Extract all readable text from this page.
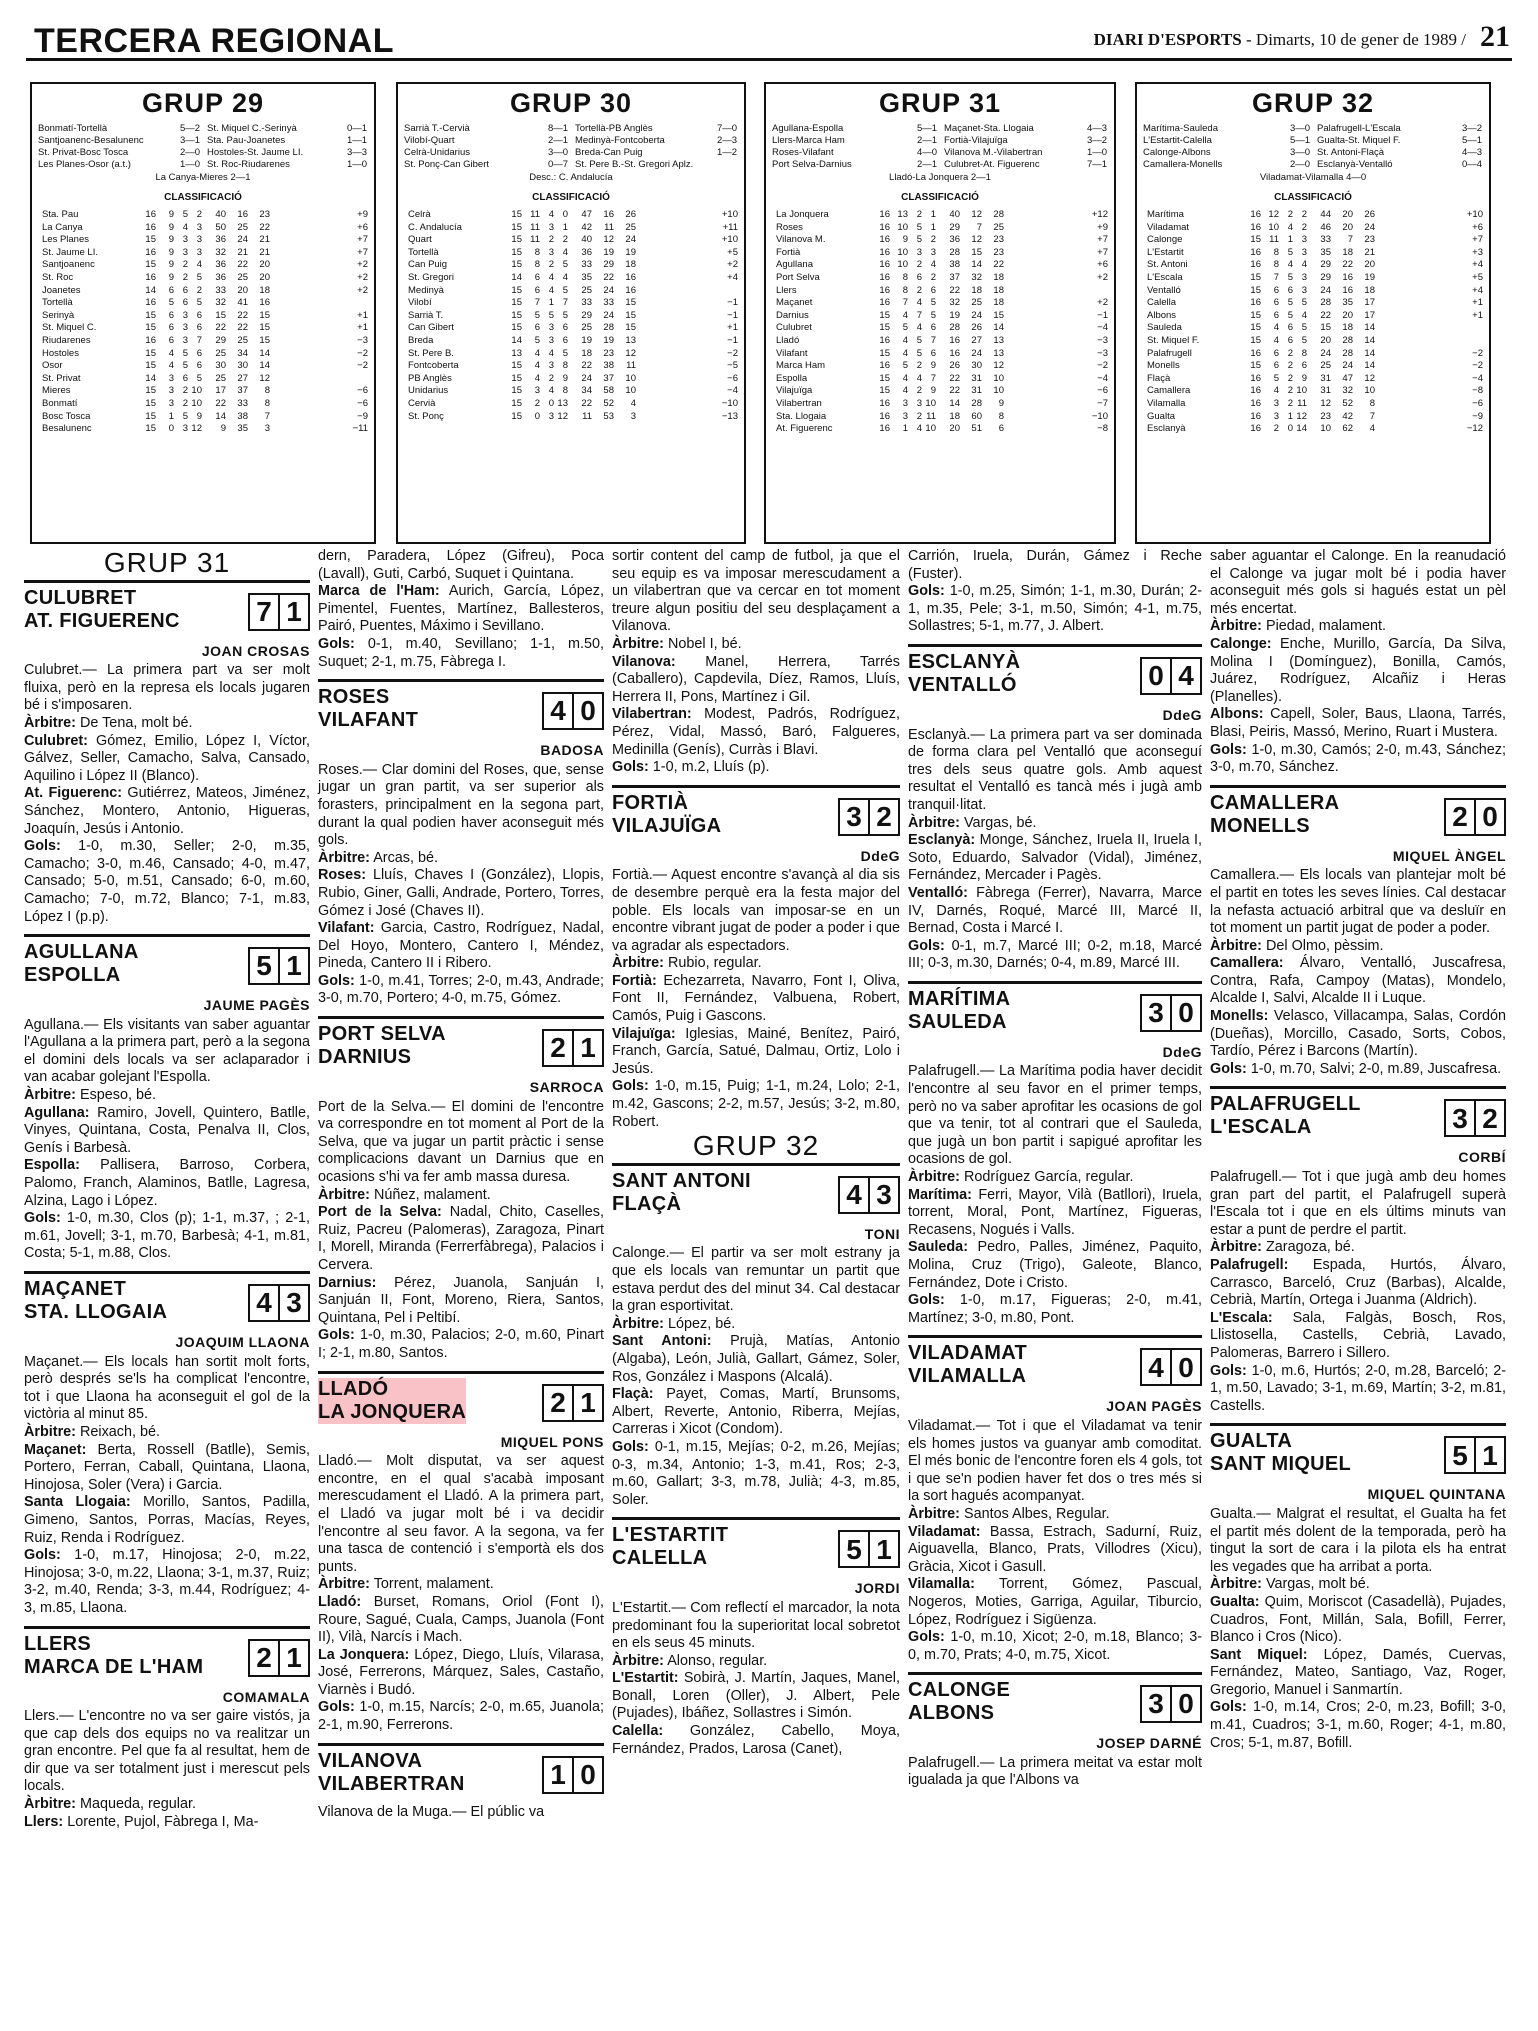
TERCERA REGIONAL	DIARI D'ESPORTS - Dimarts, 10 de gener de 1989 / 21
GRUP 29
Bonmatí-Tortellà	5—2 St. Miquel C.-Serinyà	0—1
Santjoanenc-Besalunenc	3—1 Sta. Pau-Joanetes	1—1
St. Privat-Bosc Tosca	2—0 Hostoles-St. Jaume LI.	3—3
Les Planes-Osor (a.t.)	1—0 St. Roc-Riudarenes	1—0
La Canya-Mieres 2—1
CLASSIFICACIÓ
Sta. Pau	16	9 5 2	40	16	23	+9
La Canya	16	9 4 3	50	25	22	+6
Les Planes	15	9 3 3	36	24	21	+7
St. Jaume LI.	16	9 3 3	32	21	21	+7
Santjoanenc	15	9 2 4	36	22	20	+2
St. Roc	16	9 2 5	36	25	20	+2
Joanetes	14	6 6 2	33	20	18	+2
Tortellà	16	5 6 5	32	41	16
Serinyà	15	6 3 6	15	22	15	+1
St. Miquel C.	15	6 3 6	22	22	15	+1
Riudarenes	16	6 3 7	29	25	15	−3
Hostoles	15	4 5 6	25	34	14	−2
Osor	15	4 5 6	30	30	14	−2
St. Privat	14	3 6 5	25	27	12
Mieres	15	3 2 10	17	37	8	−6
Bonmatí	15	3 2 10	22	33	8	−6
Bosc Tosca	15	1 5 9	14	38	7	−9
Besalunenc	15	0 3 12	9	35	3	−11
GRUP 30
Sarrià T.-Cervià	8—1 Tortellà-PB Anglès	7—0
Vilobí-Quart	2—1 Medinyà-Fontcoberta	2—3
Celrà-Unidarius	3—0 Breda-Can Puig	1—2
St. Ponç-Can Gibert	0—7 St. Pere B.-St. Gregori Aplz.
Desc.: C. Andalucía
CLASSIFICACIÓ
Celrà	15 11 4 0	47	16	26	+10
C. Andalucía	15 11 3 1	42	11	25	+11
Quart	15 11 2 2	40	12	24	+10
Tortellà	15	8 3 4	36	19	19	+5
Can Puig	15	8 2 5	33	29	18	+2
St. Gregori	14	6 4 4	35	22	16	+4
Medinyà	15	6 4 5	25	24	16
Vilobí	15	7 1 7	33	33	15	−1
Sarrià T.	15	5 5 5	29	24	15	−1
Can Gibert	15	6 3 6	25	28	15	+1
Breda	14	5 3 6	19	19	13	−1
St. Pere B.	13	4 4 5	18	23	12	−2
Fontcoberta	15	4 3 8	22	38	11	−5
PB Anglès	15	4 2 9	24	37	10	−6
Unidarius	15	3 4 8	34	58	10	−4
Cervià	15	2 0 13	22	52	4	−10
St. Ponç	15	0 3 12	11	53	3	−13
GRUP 31
Agullana-Espolla	5—1 Maçanet-Sta. Llogaia	4—3
Llers-Marca Ham	2—1 Fortià-Vilajuïga	3—2
Roses-Vilafant	4—0 Vilanova M.-Vilabertran	1—0
Port Selva-Darnius	2—1 Culubret-At. Figuerenc	7—1
Lladó-La Jonquera 2—1
CLASSIFICACIÓ
La Jonquera	16 13 2 1	40	12	28	+12
Roses	16 10 5 1	29	7	25	+9
Vilanova M.	16	9 5 2	36	12	23	+7
Fortià	16 10 3 3	28	15	23	+7
Agullana	16 10 2 4	38	14	22	+6
Port Selva	16	8 6 2	37	32	18	+2
Llers	16	8 2 6	22	18	18
Maçanet	16	7 4 5	32	25	18	+2
Darnius	15	4 7 5	19	24	15	−1
Culubret	15	5 4 6	28	26	14	−4
Lladó	16	4 5 7	16	27	13	−3
Vilafant	15	4 5 6	16	24	13	−3
Marca Ham	16	5 2 9	26	30	12	−2
Espolla	15	4 4 7	22	31	10	−4
Vilajuïga	15	4 2 9	22	31	10	−6
Vilabertran	16	3 3 10	14	28	9	−7
Sta. Llogaia	16	3 2 11	18	60	8	−10
At. Figuerenc	16	1 4 10	20	51	6	−8
GRUP 32
Marítima-Sauleda	3—0 Palafrugell-L'Escala	3—2
L'Estartit-Calella	5—1 Gualta-St. Miquel F.	5—1
Calonge-Albons	3—0 St. Antoni-Flaçà	4—3
Camallera-Monells	2—0 Esclanyà-Ventalló	0—4
Viladamat-Vilamalla 4—0
CLASSIFICACIÓ
Marítima	16 12 2 2	44	20	26	+10
Viladamat	16 10 4 2	46	20	24	+6
Calonge	15 11 1 3	33	7	23	+7
L'Estartit	16	8 5 3	35	18	21	+3
St. Antoni	16	8 4 4	29	22	20	+4
L'Escala	15	7 5 3	29	16	19	+5
Ventalló	15	6 6 3	24	16	18	+4
Calella	16	6 5 5	28	35	17	+1
Albons	15	6 5 4	22	20	17	+1
Sauleda	15	4 6 5	15	18	14
St. Miquel F.	15	4 6 5	20	28	14
Palafrugell	16	6 2 8	24	28	14	−2
Monells	15	6 2 6	25	24	14	−2
Flaçà	16	5 2 9	31	47	12	−4
Camallera	16	4 2 10	31	32	10	−8
Vilamalla	16	3 2 11	12	52	8	−6
Gualta	16	3 1 12	23	42	7	−9
Esclanyà	16	2 0 14	10	62	4	−12
GRUP 31
CULUBRET
AT. FIGUERENC	7 1
JOAN CROSAS

Culubret.— La primera part va ser molt fluixa, però en la represa els locals jugaren bé i s'imposaren.

Àrbitre: De Tena, molt bé.

Culubret: Gómez, Emilio, López I, Víctor, Gálvez, Seller, Camacho, Salva, Cansado, Aquilino i López II (Blanco).

At. Figuerenc: Gutiérrez, Mateos, Jiménez, Sánchez, Montero, Antonio, Higueras, Joaquín, Jesús i Antonio.

Gols: 1-0, m.30, Seller; 2-0, m.35, Camacho; 3-0, m.46, Cansado; 4-0, m.47, Cansado; 5-0, m.51, Cansado; 6-0, m.60, Camacho; 7-0, m.72, Blanco; 7-1, m.83, López I (p.p).

AGULLANA
ESPOLLA	5 1
JAUME PAGÈS

Agullana.— Els visitants van saber aguantar l'Agullana a la primera part, però a la segona el domini dels locals va ser aclaparador i van acabar golejant l'Espolla.

Àrbitre: Espeso, bé.

Agullana: Ramiro, Jovell, Quintero, Batlle, Vinyes, Quintana, Costa, Penalva II, Clos, Genís i Barbesà.

Espolla: Pallisera, Barroso, Corbera, Palomo, Franch, Alaminos, Batlle, Lagresa, Alzina, Lago i López.

Gols: 1-0, m.30, Clos (p); 1-1, m.37, ; 2-1, m.61, Jovell; 3-1, m.70, Barbesà; 4-1, m.81, Costa; 5-1, m.88, Clos.

MAÇANET
STA. LLOGAIA	4 3
JOAQUIM LLAONA

Maçanet.— Els locals han sortit molt forts, però després se'ls ha complicat l'encontre, tot i que Llaona ha aconseguit el gol de la victòria al minut 85.

Àrbitre: Reixach, bé.

Maçanet: Berta, Rossell (Batlle), Semis, Portero, Ferran, Caball, Quintana, Llaona, Hinojosa, Soler (Vera) i Garcia.

Santa Llogaia: Morillo, Santos, Padilla, Gimeno, Santos, Porras, Macías, Reyes, Ruiz, Renda i Rodríguez.

Gols: 1-0, m.17, Hinojosa; 2-0, m.22, Hinojosa; 3-0, m.22, Llaona; 3-1, m.37, Ruiz; 3-2, m.40, Renda; 3-3, m.44, Rodríguez; 4-3, m.85, Llaona.

LLERS
MARCA DE L'HAM 2 1
COMAMALA

Llers.— L'encontre no va ser gaire vistós, ja que cap dels dos equips no va realitzar un gran encontre. Pel que fa al resultat, hem de dir que va ser totalment just i merescut pels locals.

Àrbitre: Maqueda, regular.

Llers: Lorente, Pujol, Fàbrega I, Ma-

dern, Paradera, López (Gifreu), Poca (Lavall), Guti, Carbó, Suquet i Quintana.

Marca de l'Ham: Aurich, García, López, Pimentel, Fuentes, Martínez, Ballesteros, Pairó, Puentes, Máximo i Sevillano.

Gols: 0-1, m.40, Sevillano; 1-1, m.50, Suquet; 2-1, m.75, Fàbrega I.

ROSES
VILAFANT	4 0
BADOSA

Roses.— Clar domini del Roses, que, sense jugar un gran partit, va ser superior als forasters, principalment en la segona part, durant la qual podien haver aconseguit més gols.

Àrbitre: Arcas, bé.

Roses: Lluís, Chaves I (González), Llopis, Rubio, Giner, Galli, Andrade, Portero, Torres, Gómez i José (Chaves II).

Vilafant: Garcia, Castro, Rodríguez, Nadal, Del Hoyo, Montero, Cantero I, Méndez, Pineda, Cantero II i Ribero.

Gols: 1-0, m.41, Torres; 2-0, m.43, Andrade; 3-0, m.70, Portero; 4-0, m.75, Gómez.

PORT SELVA
DARNIUS	2 1
SARROCA

Port de la Selva.— El domini de l'encontre va correspondre en tot moment al Port de la Selva, que va jugar un partit pràctic i sense complicacions davant un Darnius que en ocasions s'hi va fer amb massa duresa.

Àrbitre: Núñez, malament.

Port de la Selva: Nadal, Chito, Caselles, Ruiz, Pacreu (Palomeras), Zaragoza, Pinart I, Morell, Miranda (Ferrerfàbrega), Palacios i Cervera.

Darnius: Pérez, Juanola, Sanjuán I, Sanjuán II, Font, Moreno, Riera, Santos, Quintana, Pel i Peltibí.

Gols: 1-0, m.30, Palacios; 2-0, m.60, Pinart I; 2-1, m.80, Santos.

LLADÓ
LA JONQUERA	2 1
MIQUEL PONS

Lladó.— Molt disputat, va ser aquest encontre, en el qual s'acabà imposant merescudament el Lladó. A la primera part, el Lladó va jugar molt bé i va decidir l'encontre al seu favor. A la segona, va fer una tasca de contenció i s'emportà els dos punts.

Àrbitre: Torrent, malament.

Lladó: Burset, Romans, Oriol (Font I), Roure, Sagué, Cuala, Camps, Juanola (Font II), Vilà, Narcís i Mach.

La Jonquera: López, Diego, Lluís, Vilarasa, José, Ferrerons, Márquez, Sales, Castaño, Viarnès i Budó.

Gols: 1-0, m.15, Narcís; 2-0, m.65, Juanola; 2-1, m.90, Ferrerons.

VILANOVA
VILABERTRAN	1 0

Vilanova de la Muga.— El públic va

sortir content del camp de futbol, ja que el seu equip es va imposar merescudament a un vilabertran que va cercar en tot moment treure algun positiu del seu desplaçament a Vilanova.

Àrbitre: Nobel I, bé.

Vilanova: Manel, Herrera, Tarrés (Caballero), Capdevila, Díez, Ramos, Lluís, Herrera II, Pons, Martínez i Gil.

Vilabertran: Modest, Padrós, Rodríguez, Pérez, Vidal, Massó, Baró, Falgueres, Medinilla (Genís), Curràs i Blavi.

Gols: 1-0, m.2, Lluís (p).

FORTIÀ
VILAJUÏGA	3 2
DdeG

Fortià.— Aquest encontre s'avançà al dia sis de desembre perquè era la festa major del poble. Els locals van imposar-se en un encontre vibrant jugat de poder a poder i que va agradar als espectadors.

Àrbitre: Rubio, regular.

Fortià: Echezarreta, Navarro, Font I, Oliva, Font II, Fernández, Valbuena, Robert, Camós, Puig i Gascons.

Vilajuïga: Iglesias, Mainé, Benítez, Pairó, Franch, García, Satué, Dalmau, Ortiz, Lolo i Jesús.

Gols: 1-0, m.15, Puig; 1-1, m.24, Lolo; 2-1, m.42, Gascons; 2-2, m.57, Jesús; 3-2, m.80, Robert.

GRUP 32
SANT ANTONI
FLAÇÀ	4 3
TONI

Calonge.— El partir va ser molt estrany ja que els locals van remuntar un partit que estava perdut des del minut 34. Cal destacar la gran esportivitat.

Àrbitre: López, bé.

Sant Antoni: Prujà, Matías, Antonio (Algaba), León, Julià, Gallart, Gámez, Soler, Ros, González i Maspons (Alcalá).

Flaçà: Payet, Comas, Martí, Brunsoms, Albert, Reverte, Antonio, Riberra, Mejías, Carreras i Xicot (Condom).

Gols: 0-1, m.15, Mejías; 0-2, m.26, Mejías; 0-3, m.34, Antonio; 1-3, m.41, Ros; 2-3, m.60, Gallart; 3-3, m.78, Julià; 4-3, m.85, Soler.

L'ESTARTIT
CALELLA	5 1
JORDI

L'Estartit.— Com reflectí el marcador, la nota predominant fou la superioritat local sobretot en els seus 45 minuts.

Àrbitre: Alonso, regular.

L'Estartit: Sobirà, J. Martín, Jaques, Manel, Bonall, Loren (Oller), J. Albert, Pele (Pujades), Ibáñez, Sollastres i Simón.

Calella: González, Cabello, Moya, Fernández, Prados, Larosa (Canet),

Carrión, Iruela, Durán, Gámez i Reche (Fuster).

Gols: 1-0, m.25, Simón; 1-1, m.30, Durán; 2-1, m.35, Pele; 3-1, m.50, Simón; 4-1, m.75, Sollastres; 5-1, m.77, J. Albert.

ESCLANYÀ
VENTALLÓ	0 4
DdeG

Esclanyà.— La primera part va ser dominada de forma clara pel Ventalló que aconseguí tres dels seus quatre gols. Amb aquest resultat el Ventalló es tancà més i jugà amb tranquil·litat.

Àrbitre: Vargas, bé.

Esclanyà: Monge, Sánchez, Iruela II, Iruela I, Soto, Eduardo, Salvador (Vidal), Jiménez, Fernández, Mercader i Pagès.

Ventalló: Fàbrega (Ferrer), Navarra, Marce IV, Darnés, Roqué, Marcé III, Marcé II, Bernad, Costa i Marcé I.

Gols: 0-1, m.7, Marcé III; 0-2, m.18, Marcé III; 0-3, m.30, Darnés; 0-4, m.89, Marcé III.

MARÍTIMA
SAULEDA	3 0
DdeG

Palafrugell.— La Marítima podia haver decidit l'encontre al seu favor en el primer temps, però no va saber aprofitar les ocasions de gol que va tenir, tot al contrari que el Sauleda, que jugà un bon partit i sapigué aprofitar les ocasions de gol.

Àrbitre: Rodríguez García, regular.

Marítima: Ferri, Mayor, Vilà (Batllori), Iruela, torrent, Moral, Pont, Martínez, Figueras, Recasens, Nogués i Valls.

Sauleda: Pedro, Palles, Jiménez, Paquito, Molina, Cruz (Trigo), Galeote, Blanco, Fernández, Dote i Cristo.

Gols: 1-0, m.17, Figueras; 2-0, m.41, Martínez; 3-0, m.80, Pont.

VILADAMAT
VILAMALLA	4 0
JOAN PAGÈS

Viladamat.— Tot i que el Viladamat va tenir els homes justos va guanyar amb comoditat. El més bonic de l'encontre foren els 4 gols, tot i que se'n podien haver fet dos o tres més si la sort hagués acompanyat.

Àrbitre: Santos Albes, Regular.

Viladamat: Bassa, Estrach, Sadurní, Ruiz, Aiguavella, Blanco, Prats, Villodres (Xicu), Gràcia, Xicot i Gasull.

Vilamalla: Torrent, Gómez, Pascual, Nogeros, Moties, Garriga, Aguilar, Tiburcio, López, Rodríguez i Sigüenza.

Gols: 1-0, m.10, Xicot; 2-0, m.18, Blanco; 3-0, m.70, Prats; 4-0, m.75, Xicot.

CALONGE
ALBONS	3 0
JOSEP DARNÉ

Palafrugell.— La primera meitat va estar molt igualada ja que l'Albons va

saber aguantar el Calonge. En la reanudació el Calonge va jugar molt bé i podia haver aconseguit més gols si hagués estat un pèl més encertat.

Àrbitre: Piedad, malament.

Calonge: Enche, Murillo, García, Da Silva, Molina I (Domínguez), Bonilla, Camós, Juárez, Rodríguez, Alcañiz i Heras (Planelles).

Albons: Capell, Soler, Baus, Llaona, Tarrés, Blasi, Peiris, Massó, Merino, Ruart i Mustera.

Gols: 1-0, m.30, Camós; 2-0, m.43, Sánchez; 3-0, m.70, Sánchez.

CAMALLERA
MONELLS	2 0
MIQUEL ÀNGEL

Camallera.— Els locals van plantejar molt bé el partit en totes les seves línies. Cal destacar la nefasta actuació arbitral que va desluïr en tot moment un partit jugat de poder a poder.

Àrbitre: Del Olmo, pèssim.

Camallera: Álvaro, Ventalló, Juscafresa, Contra, Rafa, Campoy (Matas), Mondelo, Alcalde I, Salvi, Alcalde II i Luque.

Monells: Velasco, Villacampa, Salas, Cordón (Dueñas), Morcillo, Casado, Sorts, Cobos, Tardío, Pérez i Barcons (Martín).

Gols: 1-0, m.70, Salvi; 2-0, m.89, Juscafresa.

PALAFRUGELL
L'ESCALA	3 2
CORBÍ

Palafrugell.— Tot i que jugà amb deu homes gran part del partit, el Palafrugell superà l'Escala tot i que en els últims minuts van estar a punt de perdre el partit.

Àrbitre: Zaragoza, bé.

Palafrugell: Espada, Hurtós, Álvaro, Carrasco, Barceló, Cruz (Barbas), Alcalde, Cebrià, Martín, Ortega i Juanma (Aldrich).

L'Escala: Sala, Falgàs, Bosch, Ros, Llistosella, Castells, Cebrià, Lavado, Palomeras, Barrero i Sillero.

Gols: 1-0, m.6, Hurtós; 2-0, m.28, Barceló; 2-1, m.50, Lavado; 3-1, m.69, Martín; 3-2, m.81, Castells.

GUALTA
SANT MIQUEL	5 1
MIQUEL QUINTANA

Gualta.— Malgrat el resultat, el Gualta ha fet el partit més dolent de la temporada, però ha tingut la sort de cara i la pilota els ha entrat les vegades que ha arribat a porta.

Àrbitre: Vargas, molt bé.

Gualta: Quim, Moriscot (Casadellà), Pujades, Cuadros, Font, Millán, Sala, Bofill, Ferrer, Blanco i Cros (Nico).

Sant Miquel: López, Damés, Cuervas, Fernández, Mateo, Santiago, Vaz, Roger, Gregorio, Manuel i Sanmartín.

Gols: 1-0, m.14, Cros; 2-0, m.23, Bofill; 3-0, m.41, Cuadros; 3-1, m.60, Roger; 4-1, m.80, Cros; 5-1, m.87, Bofill.
